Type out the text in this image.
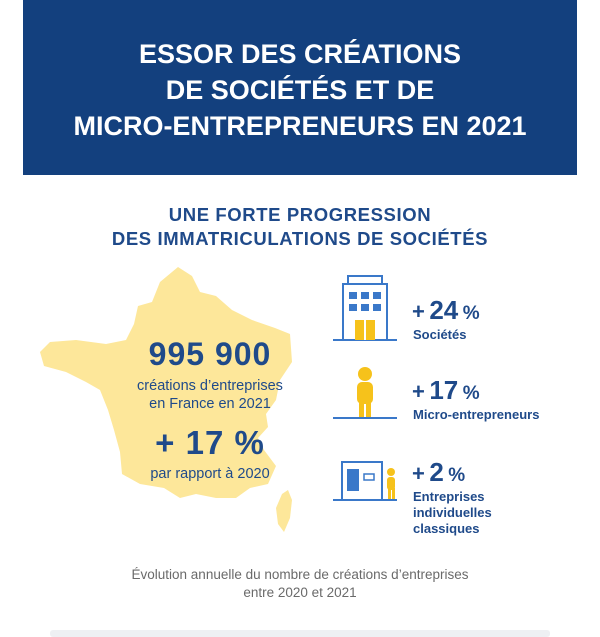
ESSOR DES CRÉATIONS
DE SOCIÉTÉS ET DE
MICRO-ENTREPRENEURS EN 2021
UNE FORTE PROGRESSION
DES IMMATRICULATIONS DE SOCIÉTÉS
995 900
créations d’entreprises
en France en 2021
+ 17 %
par rapport à 2020
+ 24 %
Sociétés
+ 17 %
Micro-entrepreneurs
+ 2 %
Entreprises
individuelles
classiques
Évolution annuelle du nombre de créations d’entreprises
entre 2020 et 2021
